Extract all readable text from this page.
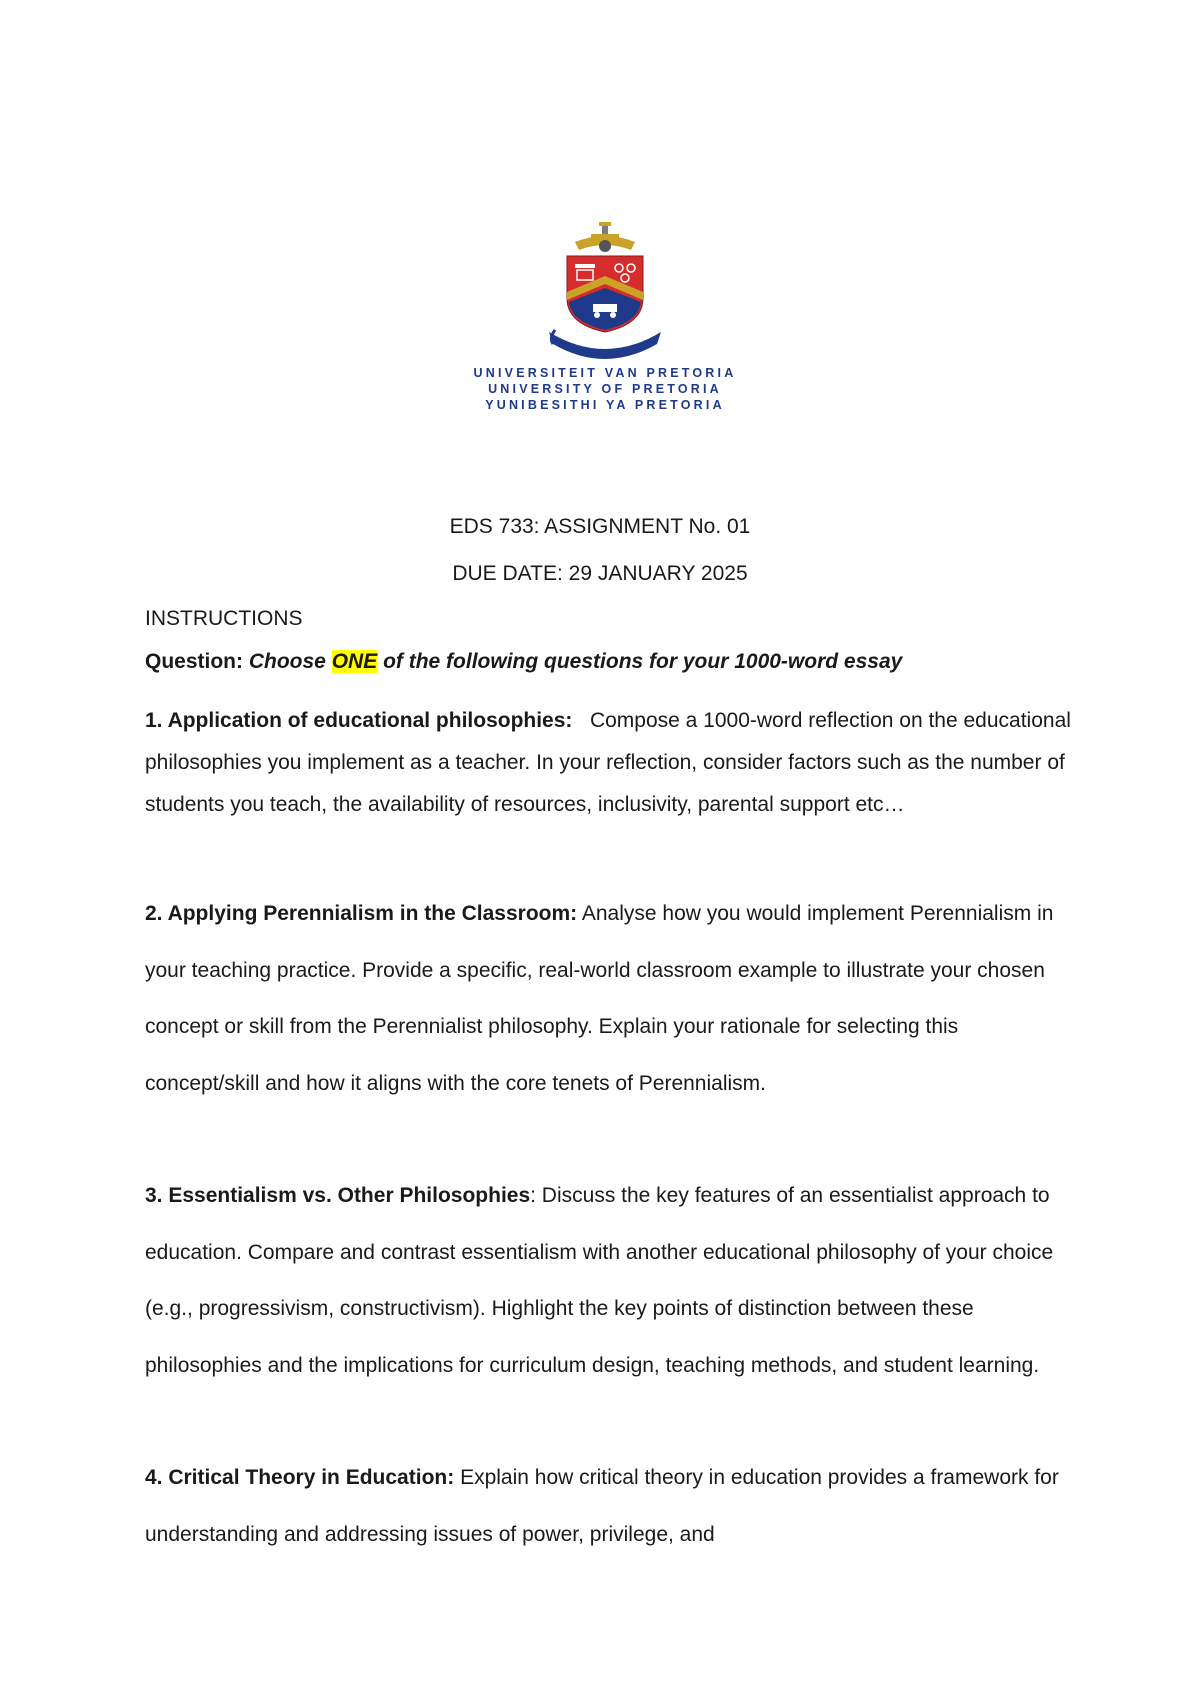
UNIVERSITEIT VAN PRETORIA
UNIVERSITY OF PRETORIA
YUNIBESITHI YA PRETORIA
EDS 733: ASSIGNMENT No. 01
DUE DATE: 29 JANUARY 2025
INSTRUCTIONS
Question: Choose ONE of the following questions for your 1000-word essay
1. Application of educational philosophies: Compose a 1000-word reflection on the educational philosophies you implement as a teacher. In your reflection, consider factors such as the number of students you teach, the availability of resources, inclusivity, parental support etc…
2. Applying Perennialism in the Classroom: Analyse how you would implement Perennialism in your teaching practice. Provide a specific, real-world classroom example to illustrate your chosen concept or skill from the Perennialist philosophy. Explain your rationale for selecting this concept/skill and how it aligns with the core tenets of Perennialism.
3. Essentialism vs. Other Philosophies: Discuss the key features of an essentialist approach to education. Compare and contrast essentialism with another educational philosophy of your choice (e.g., progressivism, constructivism). Highlight the key points of distinction between these philosophies and the implications for curriculum design, teaching methods, and student learning.
4. Critical Theory in Education: Explain how critical theory in education provides a framework for understanding and addressing issues of power, privilege, and
